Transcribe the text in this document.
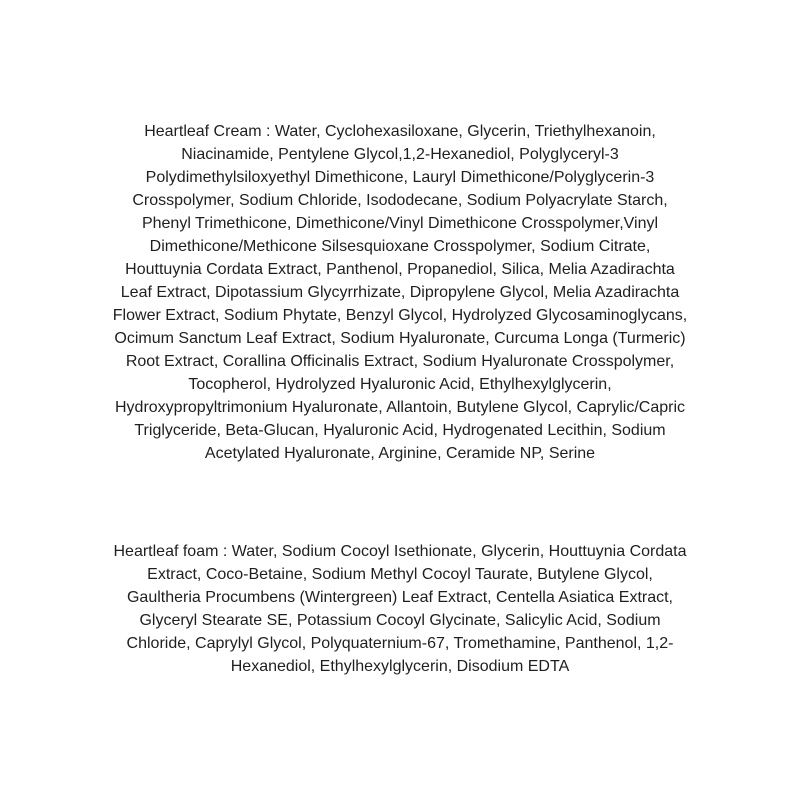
Heartleaf Cream : Water, Cyclohexasiloxane, Glycerin, Triethylhexanoin,
Niacinamide, Pentylene Glycol,1,2-Hexanediol, Polyglyceryl-3
Polydimethylsiloxyethyl Dimethicone, Lauryl Dimethicone/Polyglycerin-3
Crosspolymer, Sodium Chloride, Isododecane, Sodium Polyacrylate Starch,
Phenyl Trimethicone, Dimethicone/Vinyl Dimethicone Crosspolymer,Vinyl
Dimethicone/Methicone Silsesquioxane Crosspolymer, Sodium Citrate,
Houttuynia Cordata Extract, Panthenol, Propanediol, Silica, Melia Azadirachta
Leaf Extract, Dipotassium Glycyrrhizate, Dipropylene Glycol, Melia Azadirachta
Flower Extract, Sodium Phytate, Benzyl Glycol, Hydrolyzed Glycosaminoglycans,
Ocimum Sanctum Leaf Extract, Sodium Hyaluronate, Curcuma Longa (Turmeric)
Root Extract, Corallina Officinalis Extract, Sodium Hyaluronate Crosspolymer,
Tocopherol, Hydrolyzed Hyaluronic Acid, Ethylhexylglycerin,
Hydroxypropyltrimonium Hyaluronate, Allantoin, Butylene Glycol, Caprylic/Capric
Triglyceride, Beta-Glucan, Hyaluronic Acid, Hydrogenated Lecithin, Sodium
Acetylated Hyaluronate, Arginine, Ceramide NP, Serine
Heartleaf foam : Water, Sodium Cocoyl Isethionate, Glycerin, Houttuynia Cordata
Extract, Coco-Betaine, Sodium Methyl Cocoyl Taurate, Butylene Glycol,
Gaultheria Procumbens (Wintergreen) Leaf Extract, Centella Asiatica Extract,
Glyceryl Stearate SE, Potassium Cocoyl Glycinate, Salicylic Acid, Sodium
Chloride, Caprylyl Glycol, Polyquaternium-67, Tromethamine, Panthenol, 1,2-
Hexanediol, Ethylhexylglycerin, Disodium EDTA
